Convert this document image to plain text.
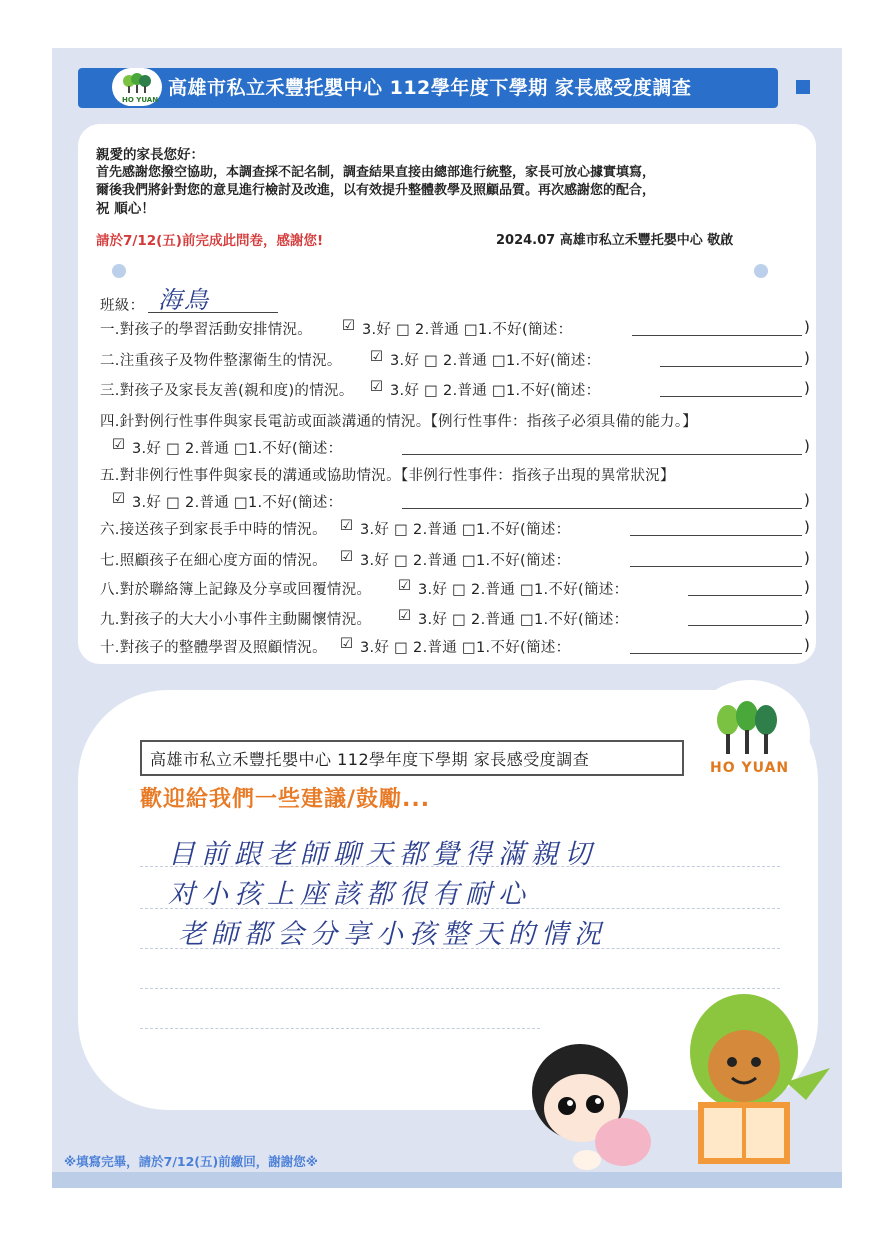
HO YUAN
高雄市私立禾豐托嬰中心 112學年度下學期 家長感受度調查
親愛的家長您好：
首先感謝您撥空協助，本調查採不記名制，調查結果直接由總部進行統整，家長可放心據實填寫，
爾後我們將針對您的意見進行檢討及改進，以有效提升整體教學及照顧品質。再次感謝您的配合，
祝 順心！
請於7/12(五)前完成此問卷，感謝您!	2024.07 高雄市私立禾豐托嬰中心 敬啟
班級： 海鳥
一.對孩子的學習活動安排情況。 ☑ 3.好 □ 2.普通 □1.不好(簡述：	)
二.注重孩子及物件整潔衛生的情況。 ☑ 3.好 □ 2.普通 □1.不好(簡述：	)
三.對孩子及家長友善(親和度)的情況。 ☑ 3.好 □ 2.普通 □1.不好(簡述：	)
四.針對例行性事件與家長電訪或面談溝通的情況。【例行性事件：指孩子必須具備的能力。】
☑ 3.好 □ 2.普通 □1.不好(簡述：	)
五.對非例行性事件與家長的溝通或協助情況。【非例行性事件：指孩子出現的異常狀況】
☑ 3.好 □ 2.普通 □1.不好(簡述：	)
六.接送孩子到家長手中時的情況。 ☑ 3.好 □ 2.普通 □1.不好(簡述：	)
七.照顧孩子在細心度方面的情況。 ☑ 3.好 □ 2.普通 □1.不好(簡述：	)
八.對於聯絡簿上記錄及分享或回覆情況。 ☑ 3.好 □ 2.普通 □1.不好(簡述：	)
九.對孩子的大大小小事件主動關懷情況。 ☑ 3.好 □ 2.普通 □1.不好(簡述：	)
十.對孩子的整體學習及照顧情況。 ☑ 3.好 □ 2.普通 □1.不好(簡述：	)
HO YUAN
高雄市私立禾豐托嬰中心 112學年度下學期 家長感受度調查
歡迎給我們一些建議/鼓勵...
目前跟老師聊天都覺得滿親切
对小孩上座該都很有耐心
老師都会分享小孩整天的情況
※填寫完畢，請於7/12(五)前繳回，謝謝您※
